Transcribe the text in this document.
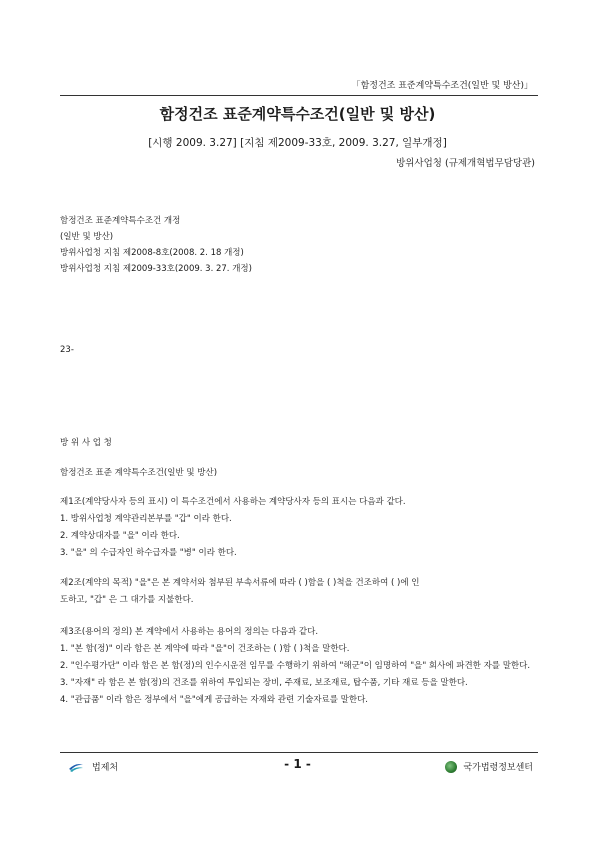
「함정건조 표준계약특수조건(일반 및 방산)」
함정건조 표준계약특수조건(일반 및 방산)
[시행 2009. 3.27] [지침 제2009-33호, 2009. 3.27, 일부개정]
방위사업청 (규제개혁법무담당관)
함정건조 표준계약특수조건 개정
(일반 및 방산)
방위사업청 지침 제2008-8호(2008. 2. 18 개정)
방위사업청 지침 제2009-33호(2009. 3. 27. 개정)
23-
방 위 사 업 청
함정건조 표준 계약특수조건(일반 및 방산)
제1조(계약당사자 등의 표시) 이 특수조건에서 사용하는 계약당사자 등의 표시는 다음과 같다.
1. 방위사업청 계약관리본부를 "갑" 이라 한다.
2. 계약상대자를 "을" 이라 한다.
3. "을" 의 수급자인 하수급자를 "병" 이라 한다.
제2조(계약의 목적) "을"은 본 계약서와 첨부된 부속서류에 따라 ( )함을 ( )척을 건조하여 ( )에 인
도하고, "갑" 은 그 대가를 지불한다.
제3조(용어의 정의) 본 계약에서 사용하는 용어의 정의는 다음과 같다.
1. "본 함(정)" 이라 함은 본 계약에 따라 "을"이 건조하는 ( )함 ( )척을 말한다.
2. "인수평가단" 이라 함은 본 함(정)의 인수시운전 임무를 수행하기 위하여 "해군"이 임명하여 "을" 회사에 파견한 자를 말한다.
3. "자재" 라 함은 본 함(정)의 건조를 위하여 투입되는 장비, 주재료, 보조재료, 탑수품, 기타 재료 등을 말한다.
4. "관급품" 이라 함은 정부에서 "을"에게 공급하는 자재와 관련 기술자료를 말한다.
법제처	- 1 -	국가법령정보센터
